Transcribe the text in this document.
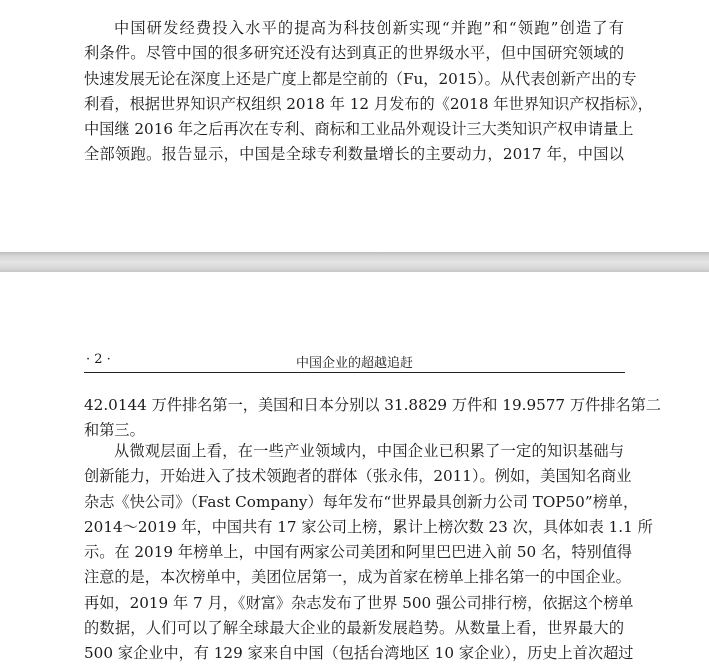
中国研发经费投入水平的提高为科技创新实现“并跑”和“领跑”创造了有
利条件。尽管中国的很多研究还没有达到真正的世界级水平，但中国研究领域的
快速发展无论在深度上还是广度上都是空前的（Fu，2015）。从代表创新产出的专
利看，根据世界知识产权组织 2018 年 12 月发布的《2018 年世界知识产权指标》，
中国继 2016 年之后再次在专利、商标和工业品外观设计三大类知识产权申请量上
全部领跑。报告显示，中国是全球专利数量增长的主要动力，2017 年，中国以

· 2 ·	中国企业的超越追赶

42.0144 万件排名第一，美国和日本分别以 31.8829 万件和 19.9577 万件排名第二
和第三。

从微观层面上看，在一些产业领域内，中国企业已积累了一定的知识基础与
创新能力，开始进入了技术领跑者的群体（张永伟，2011）。例如，美国知名商业
杂志《快公司》（Fast Company）每年发布“世界最具创新力公司 TOP50”榜单，
2014～2019 年，中国共有 17 家公司上榜，累计上榜次数 23 次，具体如表 1.1 所
示。在 2019 年榜单上，中国有两家公司美团和阿里巴巴进入前 50 名，特别值得
注意的是，本次榜单中，美团位居第一，成为首家在榜单上排名第一的中国企业。
再如，2019 年 7 月，《财富》杂志发布了世界 500 强公司排行榜，依据这个榜单
的数据，人们可以了解全球最大企业的最新发展趋势。从数量上看，世界最大的
500 家企业中，有 129 家来自中国（包括台湾地区 10 家企业），历史上首次超过
